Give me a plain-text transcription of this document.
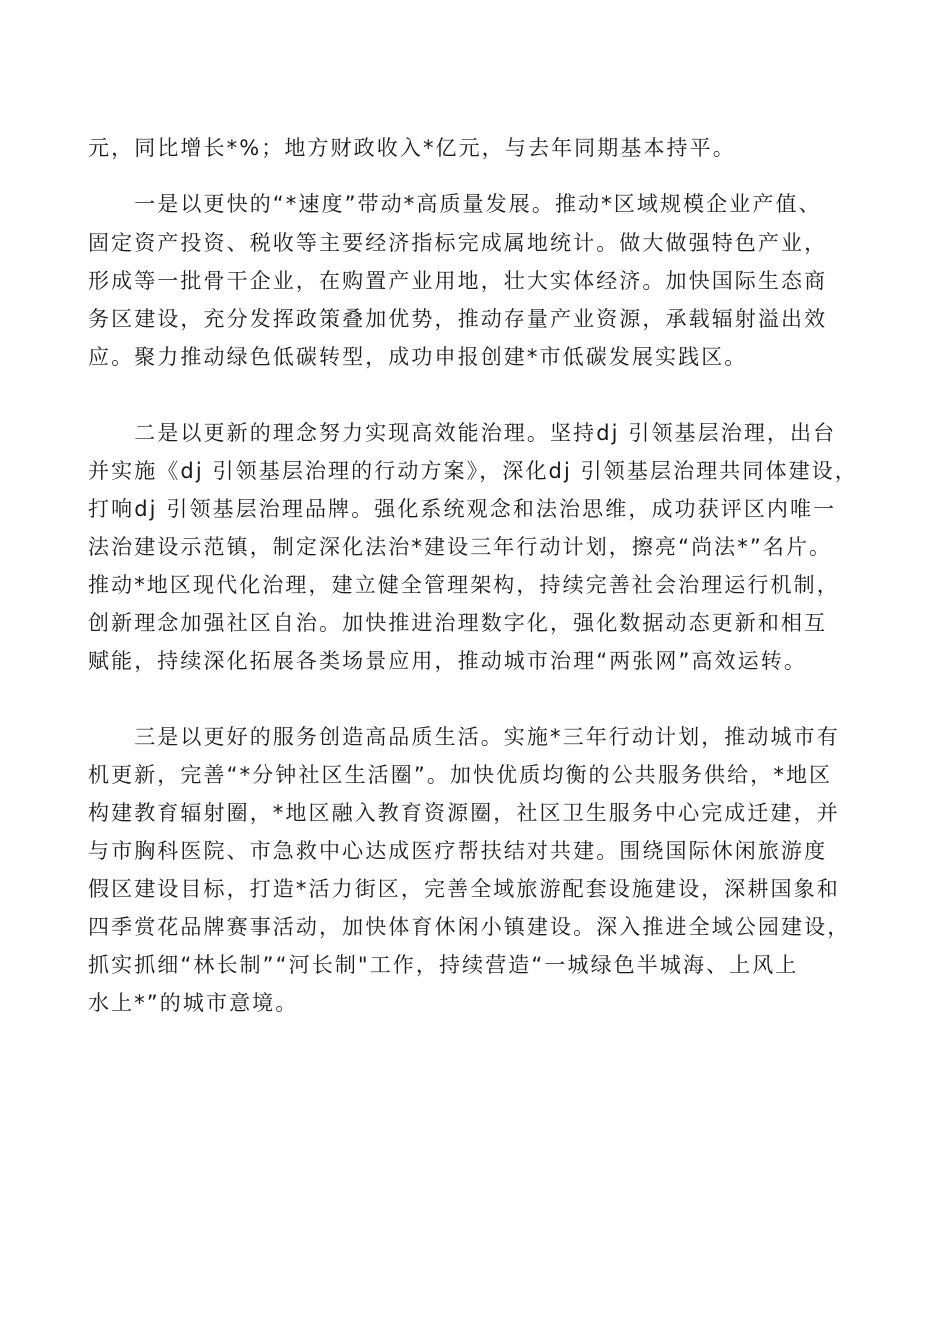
元，同比增长*%；地方财政收入*亿元，与去年同期基本持平。
　　一是以更快的“*速度”带动*高质量发展。推动*区域规模企业产值、
固定资产投资、税收等主要经济指标完成属地统计。做大做强特色产业，
形成等一批骨干企业，在购置产业用地，壮大实体经济。加快国际生态商
务区建设，充分发挥政策叠加优势，推动存量产业资源，承载辐射溢出效
应。聚力推动绿色低碳转型，成功申报创建*市低碳发展实践区。
　　二是以更新的理念努力实现高效能治理。坚持dj 引领基层治理，出台
并实施《dj 引领基层治理的行动方案》，深化dj 引领基层治理共同体建设，
打响dj 引领基层治理品牌。强化系统观念和法治思维，成功获评区内唯一
法治建设示范镇，制定深化法治*建设三年行动计划，擦亮“尚法*”名片。
推动*地区现代化治理，建立健全管理架构，持续完善社会治理运行机制，
创新理念加强社区自治。加快推进治理数字化，强化数据动态更新和相互
赋能，持续深化拓展各类场景应用，推动城市治理“两张网”高效运转。
　　三是以更好的服务创造高品质生活。实施*三年行动计划，推动城市有
机更新，完善“*分钟社区生活圈”。加快优质均衡的公共服务供给，*地区
构建教育辐射圈，*地区融入教育资源圈，社区卫生服务中心完成迁建，并
与市胸科医院、市急救中心达成医疗帮扶结对共建。围绕国际休闲旅游度
假区建设目标，打造*活力街区，完善全域旅游配套设施建设，深耕国象和
四季赏花品牌赛事活动，加快体育休闲小镇建设。深入推进全域公园建设，
抓实抓细“林长制”“河长制"工作，持续营造“一城绿色半城海、上风上
水上*”的城市意境。
